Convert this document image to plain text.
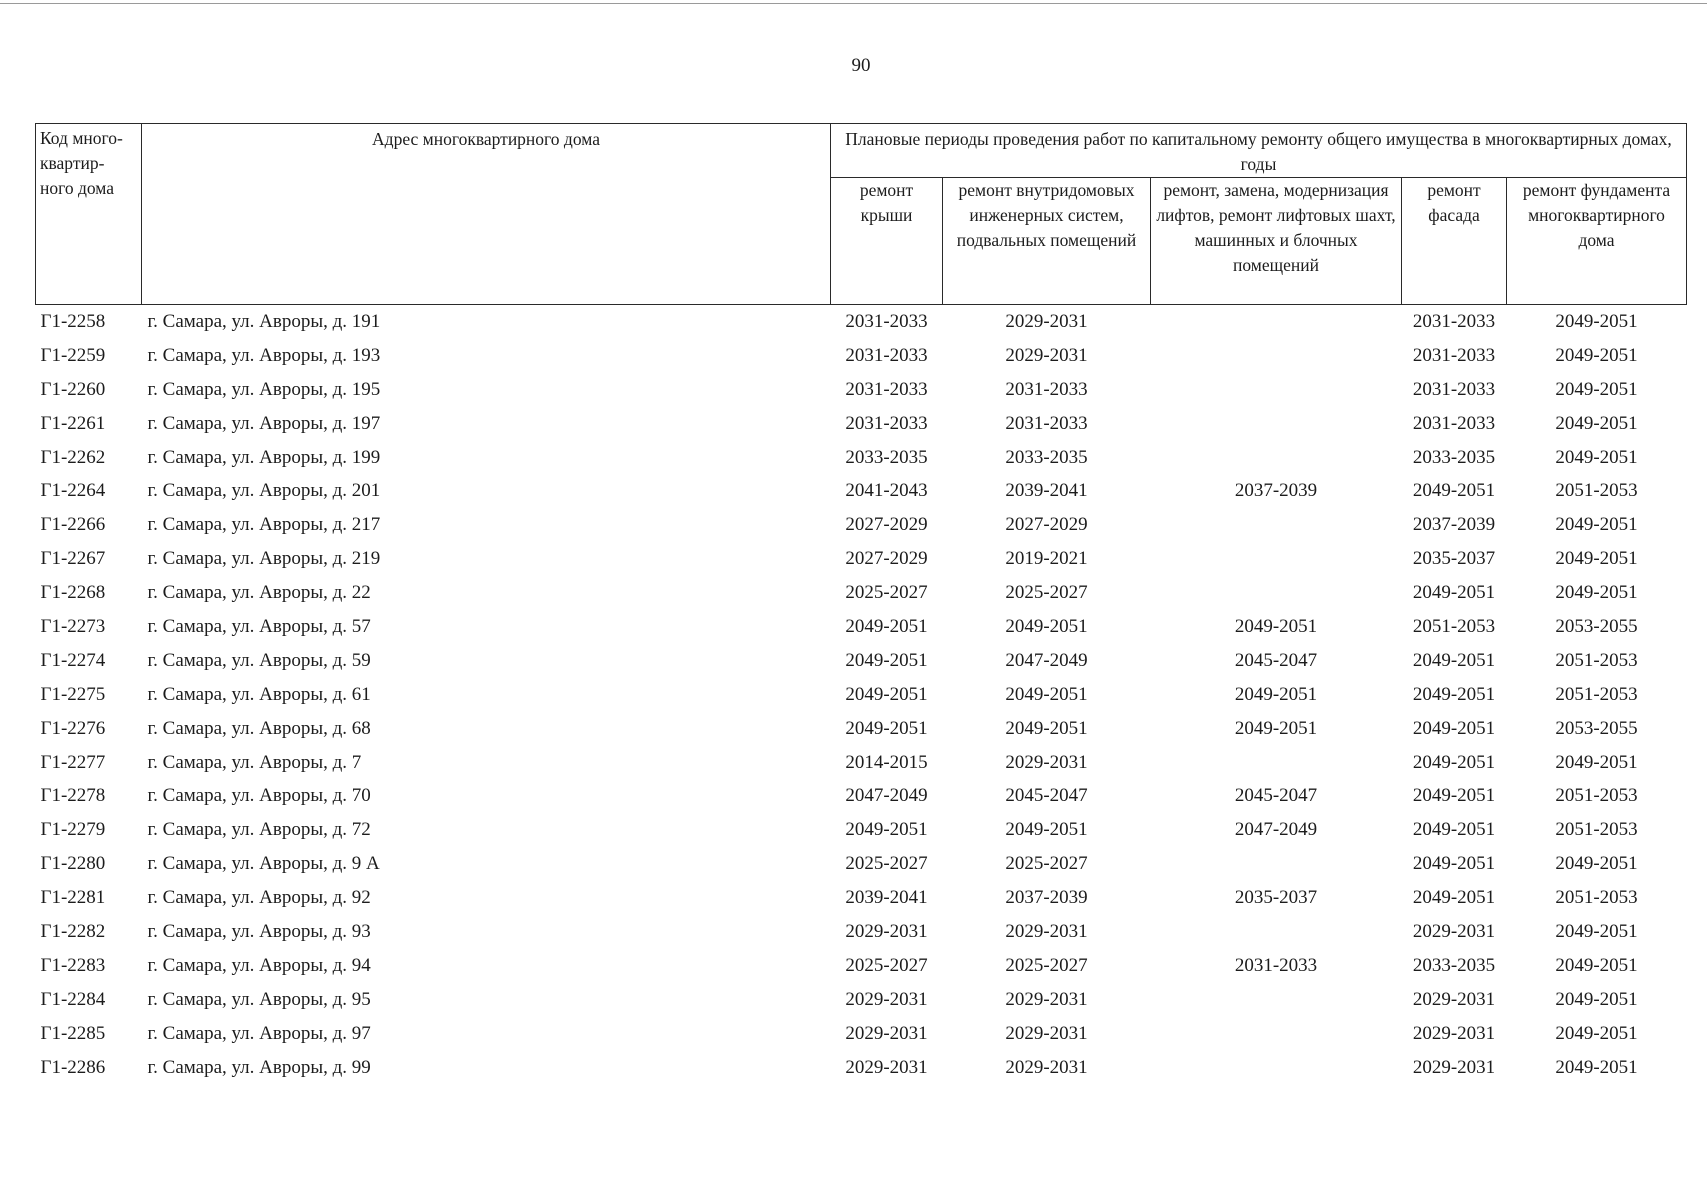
90
Код много-квартир-ного дома	Адрес многоквартирного дома	Плановые периоды проведения работ по капитальному ремонту общего имущества в многоквартирных домах, годы				
		ремонт крыши	ремонт внутридомовых инженерных систем, подвальных помещений	ремонт, замена, модернизация лифтов, ремонт лифтовых шахт, машинных и блочных помещений	ремонт фасада	ремонт фундамента многоквартирного дома
Г1-2258	г. Самара, ул. Авроры, д. 191	2031-2033	2029-2031		2031-2033	2049-2051
Г1-2259	г. Самара, ул. Авроры, д. 193	2031-2033	2029-2031		2031-2033	2049-2051
Г1-2260	г. Самара, ул. Авроры, д. 195	2031-2033	2031-2033		2031-2033	2049-2051
Г1-2261	г. Самара, ул. Авроры, д. 197	2031-2033	2031-2033		2031-2033	2049-2051
Г1-2262	г. Самара, ул. Авроры, д. 199	2033-2035	2033-2035		2033-2035	2049-2051
Г1-2264	г. Самара, ул. Авроры, д. 201	2041-2043	2039-2041	2037-2039	2049-2051	2051-2053
Г1-2266	г. Самара, ул. Авроры, д. 217	2027-2029	2027-2029		2037-2039	2049-2051
Г1-2267	г. Самара, ул. Авроры, д. 219	2027-2029	2019-2021		2035-2037	2049-2051
Г1-2268	г. Самара, ул. Авроры, д. 22	2025-2027	2025-2027		2049-2051	2049-2051
Г1-2273	г. Самара, ул. Авроры, д. 57	2049-2051	2049-2051	2049-2051	2051-2053	2053-2055
Г1-2274	г. Самара, ул. Авроры, д. 59	2049-2051	2047-2049	2045-2047	2049-2051	2051-2053
Г1-2275	г. Самара, ул. Авроры, д. 61	2049-2051	2049-2051	2049-2051	2049-2051	2051-2053
Г1-2276	г. Самара, ул. Авроры, д. 68	2049-2051	2049-2051	2049-2051	2049-2051	2053-2055
Г1-2277	г. Самара, ул. Авроры, д. 7	2014-2015	2029-2031		2049-2051	2049-2051
Г1-2278	г. Самара, ул. Авроры, д. 70	2047-2049	2045-2047	2045-2047	2049-2051	2051-2053
Г1-2279	г. Самара, ул. Авроры, д. 72	2049-2051	2049-2051	2047-2049	2049-2051	2051-2053
Г1-2280	г. Самара, ул. Авроры, д. 9 А	2025-2027	2025-2027		2049-2051	2049-2051
Г1-2281	г. Самара, ул. Авроры, д. 92	2039-2041	2037-2039	2035-2037	2049-2051	2051-2053
Г1-2282	г. Самара, ул. Авроры, д. 93	2029-2031	2029-2031		2029-2031	2049-2051
Г1-2283	г. Самара, ул. Авроры, д. 94	2025-2027	2025-2027	2031-2033	2033-2035	2049-2051
Г1-2284	г. Самара, ул. Авроры, д. 95	2029-2031	2029-2031		2029-2031	2049-2051
Г1-2285	г. Самара, ул. Авроры, д. 97	2029-2031	2029-2031		2029-2031	2049-2051
Г1-2286	г. Самара, ул. Авроры, д. 99	2029-2031	2029-2031		2029-2031	2049-2051
